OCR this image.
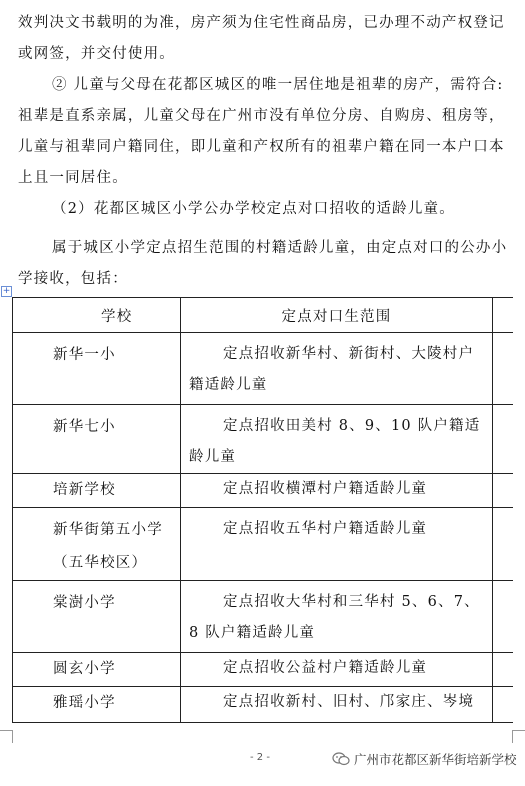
效判决文书载明的为准，房产须为住宅性商品房，已办理不动产权登记或网签，并交付使用。

② 儿童与父母在花都区城区的唯一居住地是祖辈的房产，需符合:祖辈是直系亲属，儿童父母在广州市没有单位分房、自购房、租房等，儿童与祖辈同户籍同住，即儿童和产权所有的祖辈户籍在同一本户口本上且一同居住。

（2）花都区城区小学公办学校定点对口招收的适龄儿童。

属于城区小学定点招生范围的村籍适龄儿童，由定点对口的公办小学接收，包括：

+
学校	定点对口生范围	
新华一小	定点招收新华村、新街村、大陵村户籍适龄儿童	

新华七小	定点招收田美村 8、9、10 队户籍适龄儿童	

培新学校	定点招收横潭村户籍适龄儿童	

新华街第五小学（五华校区）	定点招收五华村户籍适龄儿童	

棠澍小学	定点招收大华村和三华村 5、6、7、8 队户籍适龄儿童	

圆玄小学	定点招收公益村户籍适龄儿童	

雅瑶小学	定点招收新村、旧村、邝家庄、岑境	

- 2 -	广州市花都区新华街培新学校
